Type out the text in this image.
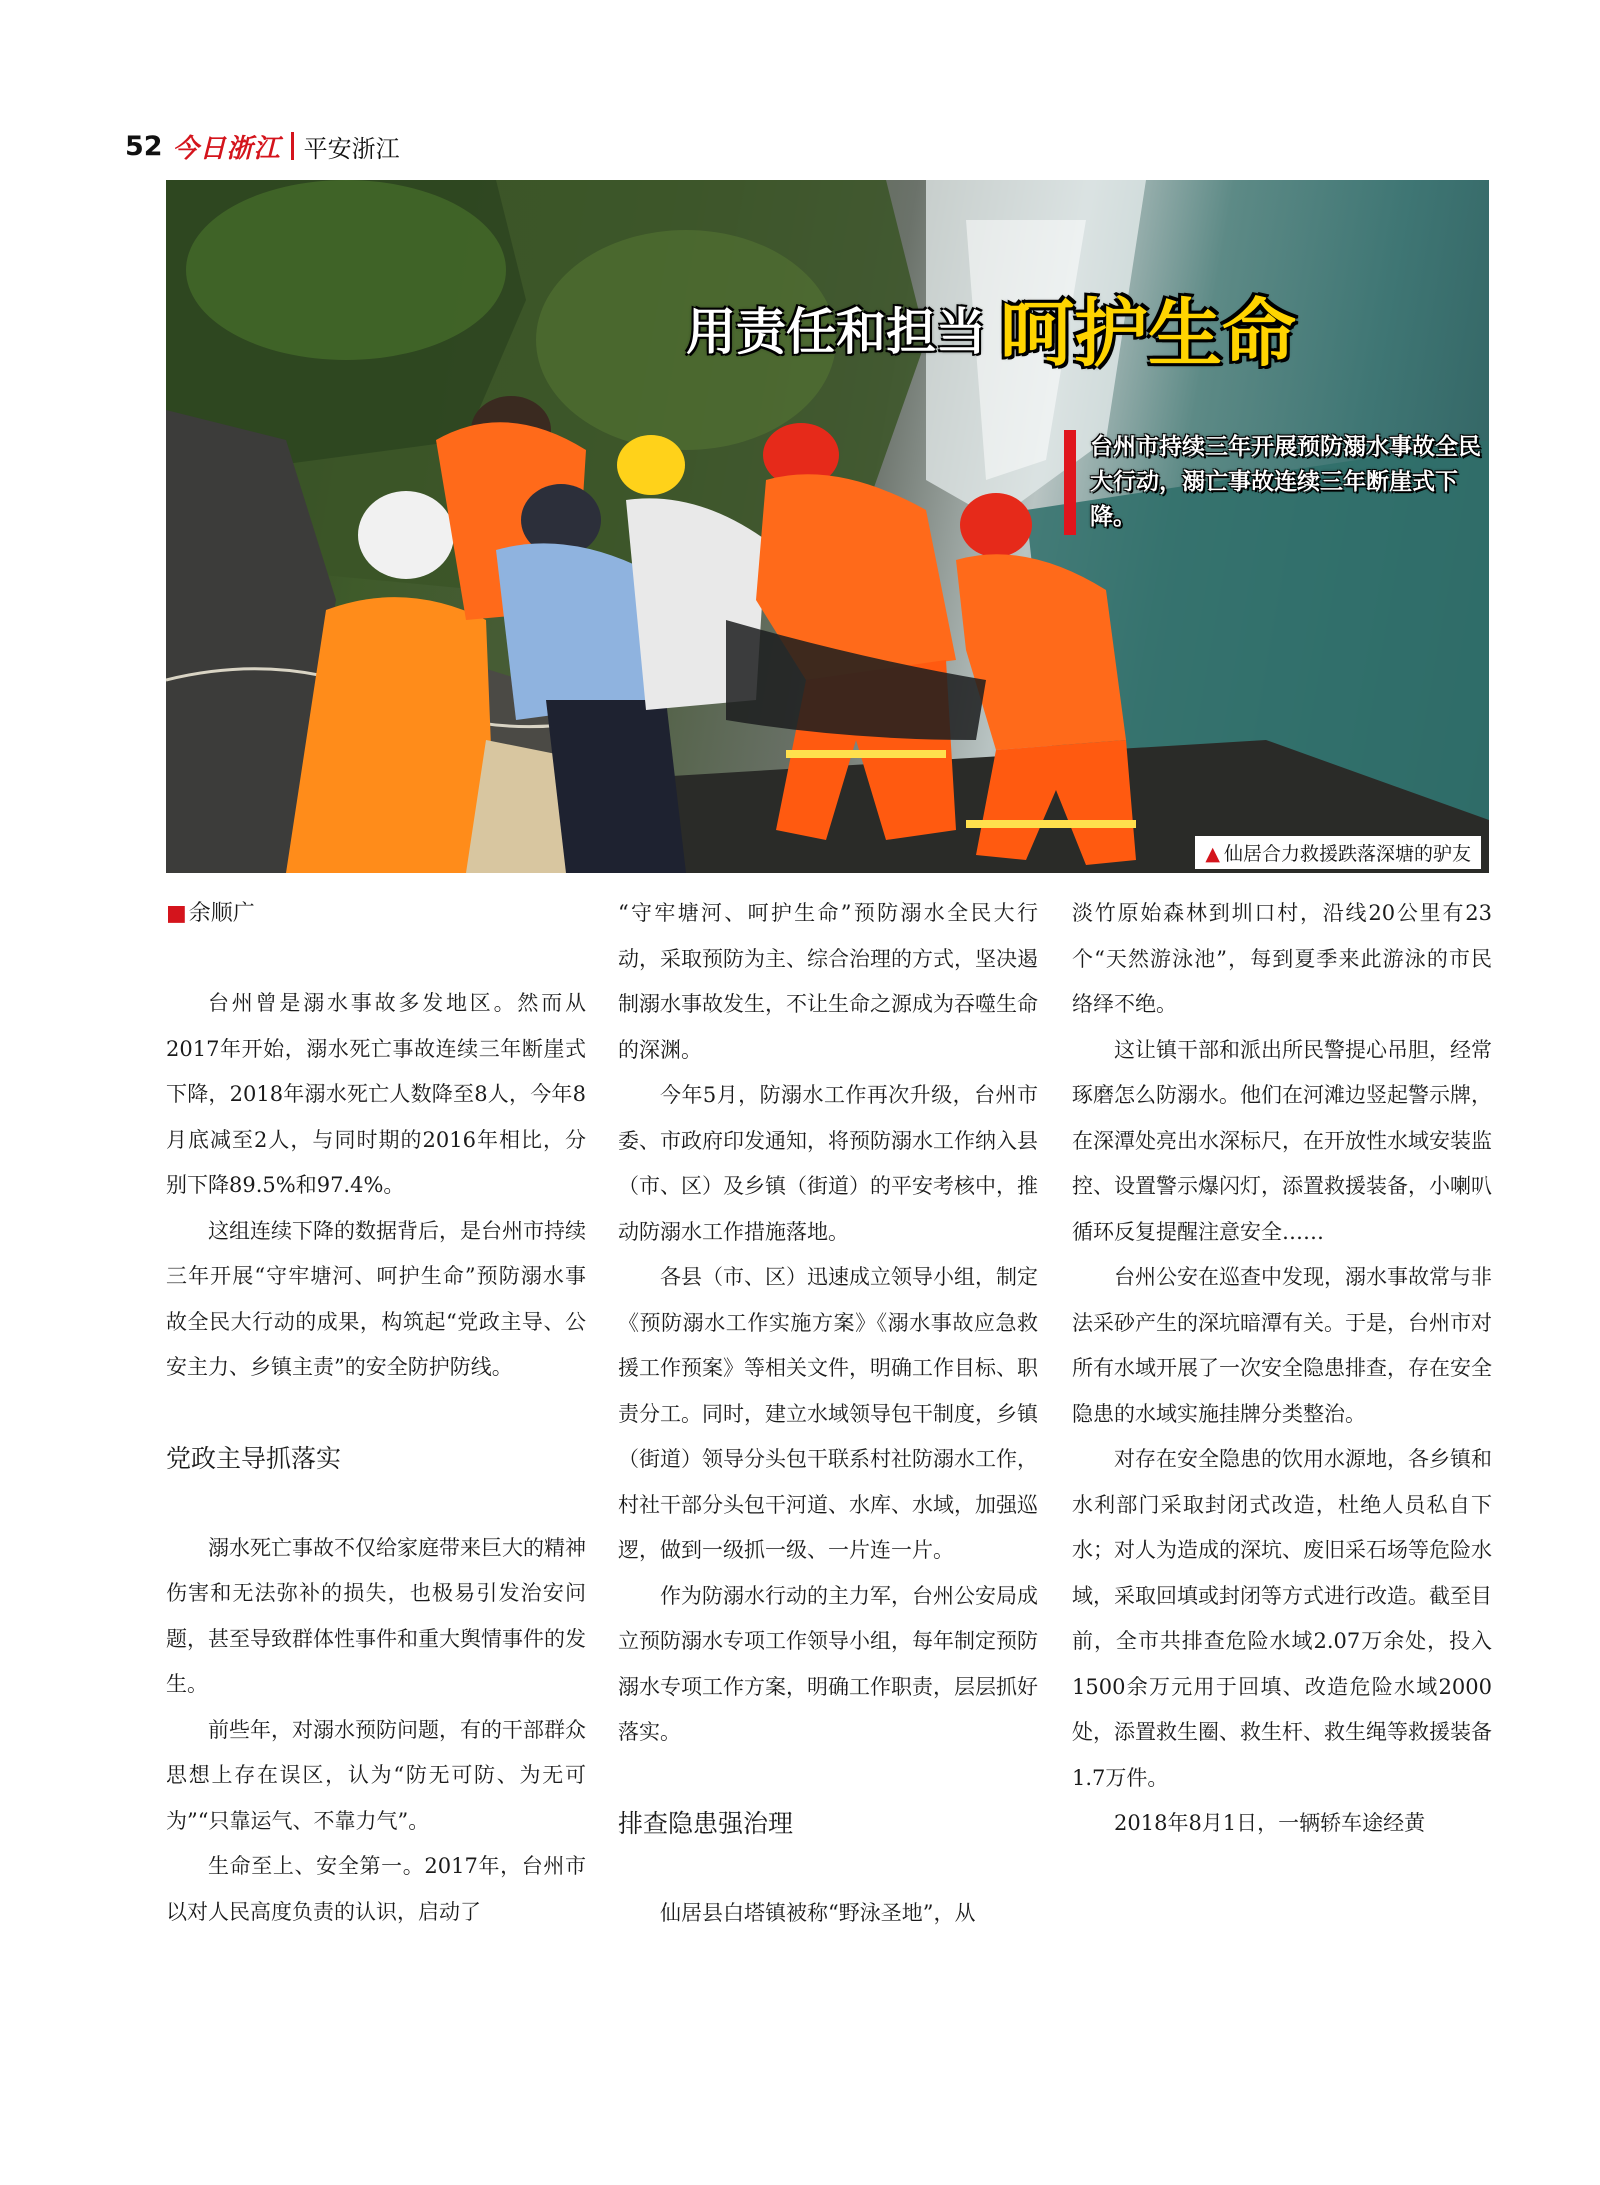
52 今日浙江 平安浙江
用责任和担当 呵护生命
台州市持续三年开展预防溺水事故全民大行动，溺亡事故连续三年断崖式下降。
▲ 仙居合力救援跌落深塘的驴友
■余顺广

台州曾是溺水事故多发地区。然而从2017年开始，溺水死亡事故连续三年断崖式下降，2018年溺水死亡人数降至8人，今年8月底减至2人，与同时期的2016年相比，分别下降89.5%和97.4%。

这组连续下降的数据背后，是台州市持续三年开展“守牢塘河、呵护生命”预防溺水事故全民大行动的成果，构筑起“党政主导、公安主力、乡镇主责”的安全防护防线。

党政主导抓落实

溺水死亡事故不仅给家庭带来巨大的精神伤害和无法弥补的损失，也极易引发治安问题，甚至导致群体性事件和重大舆情事件的发生。

前些年，对溺水预防问题，有的干部群众思想上存在误区，认为“防无可防、为无可为”“只靠运气、不靠力气”。

生命至上、安全第一。2017年，台州市以对人民高度负责的认识，启动了

“守牢塘河、呵护生命”预防溺水全民大行动，采取预防为主、综合治理的方式，坚决遏制溺水事故发生，不让生命之源成为吞噬生命的深渊。

今年5月，防溺水工作再次升级，台州市委、市政府印发通知，将预防溺水工作纳入县（市、区）及乡镇（街道）的平安考核中，推动防溺水工作措施落地。

各县（市、区）迅速成立领导小组，制定《预防溺水工作实施方案》《溺水事故应急救援工作预案》等相关文件，明确工作目标、职责分工。同时，建立水域领导包干制度，乡镇（街道）领导分头包干联系村社防溺水工作，村社干部分头包干河道、水库、水域，加强巡逻，做到一级抓一级、一片连一片。

作为防溺水行动的主力军，台州公安局成立预防溺水专项工作领导小组，每年制定预防溺水专项工作方案，明确工作职责，层层抓好落实。

排查隐患强治理

仙居县白塔镇被称“野泳圣地”，从

淡竹原始森林到圳口村，沿线20公里有23个“天然游泳池”，每到夏季来此游泳的市民络绎不绝。

这让镇干部和派出所民警提心吊胆，经常琢磨怎么防溺水。他们在河滩边竖起警示牌，在深潭处亮出水深标尺，在开放性水域安装监控、设置警示爆闪灯，添置救援装备，小喇叭循环反复提醒注意安全……

台州公安在巡查中发现，溺水事故常与非法采砂产生的深坑暗潭有关。于是，台州市对所有水域开展了一次安全隐患排查，存在安全隐患的水域实施挂牌分类整治。

对存在安全隐患的饮用水源地，各乡镇和水利部门采取封闭式改造，杜绝人员私自下水；对人为造成的深坑、废旧采石场等危险水域，采取回填或封闭等方式进行改造。截至目前，全市共排查危险水域2.07万余处，投入1500余万元用于回填、改造危险水域2000处，添置救生圈、救生杆、救生绳等救援装备1.7万件。

2018年8月1日，一辆轿车途经黄
